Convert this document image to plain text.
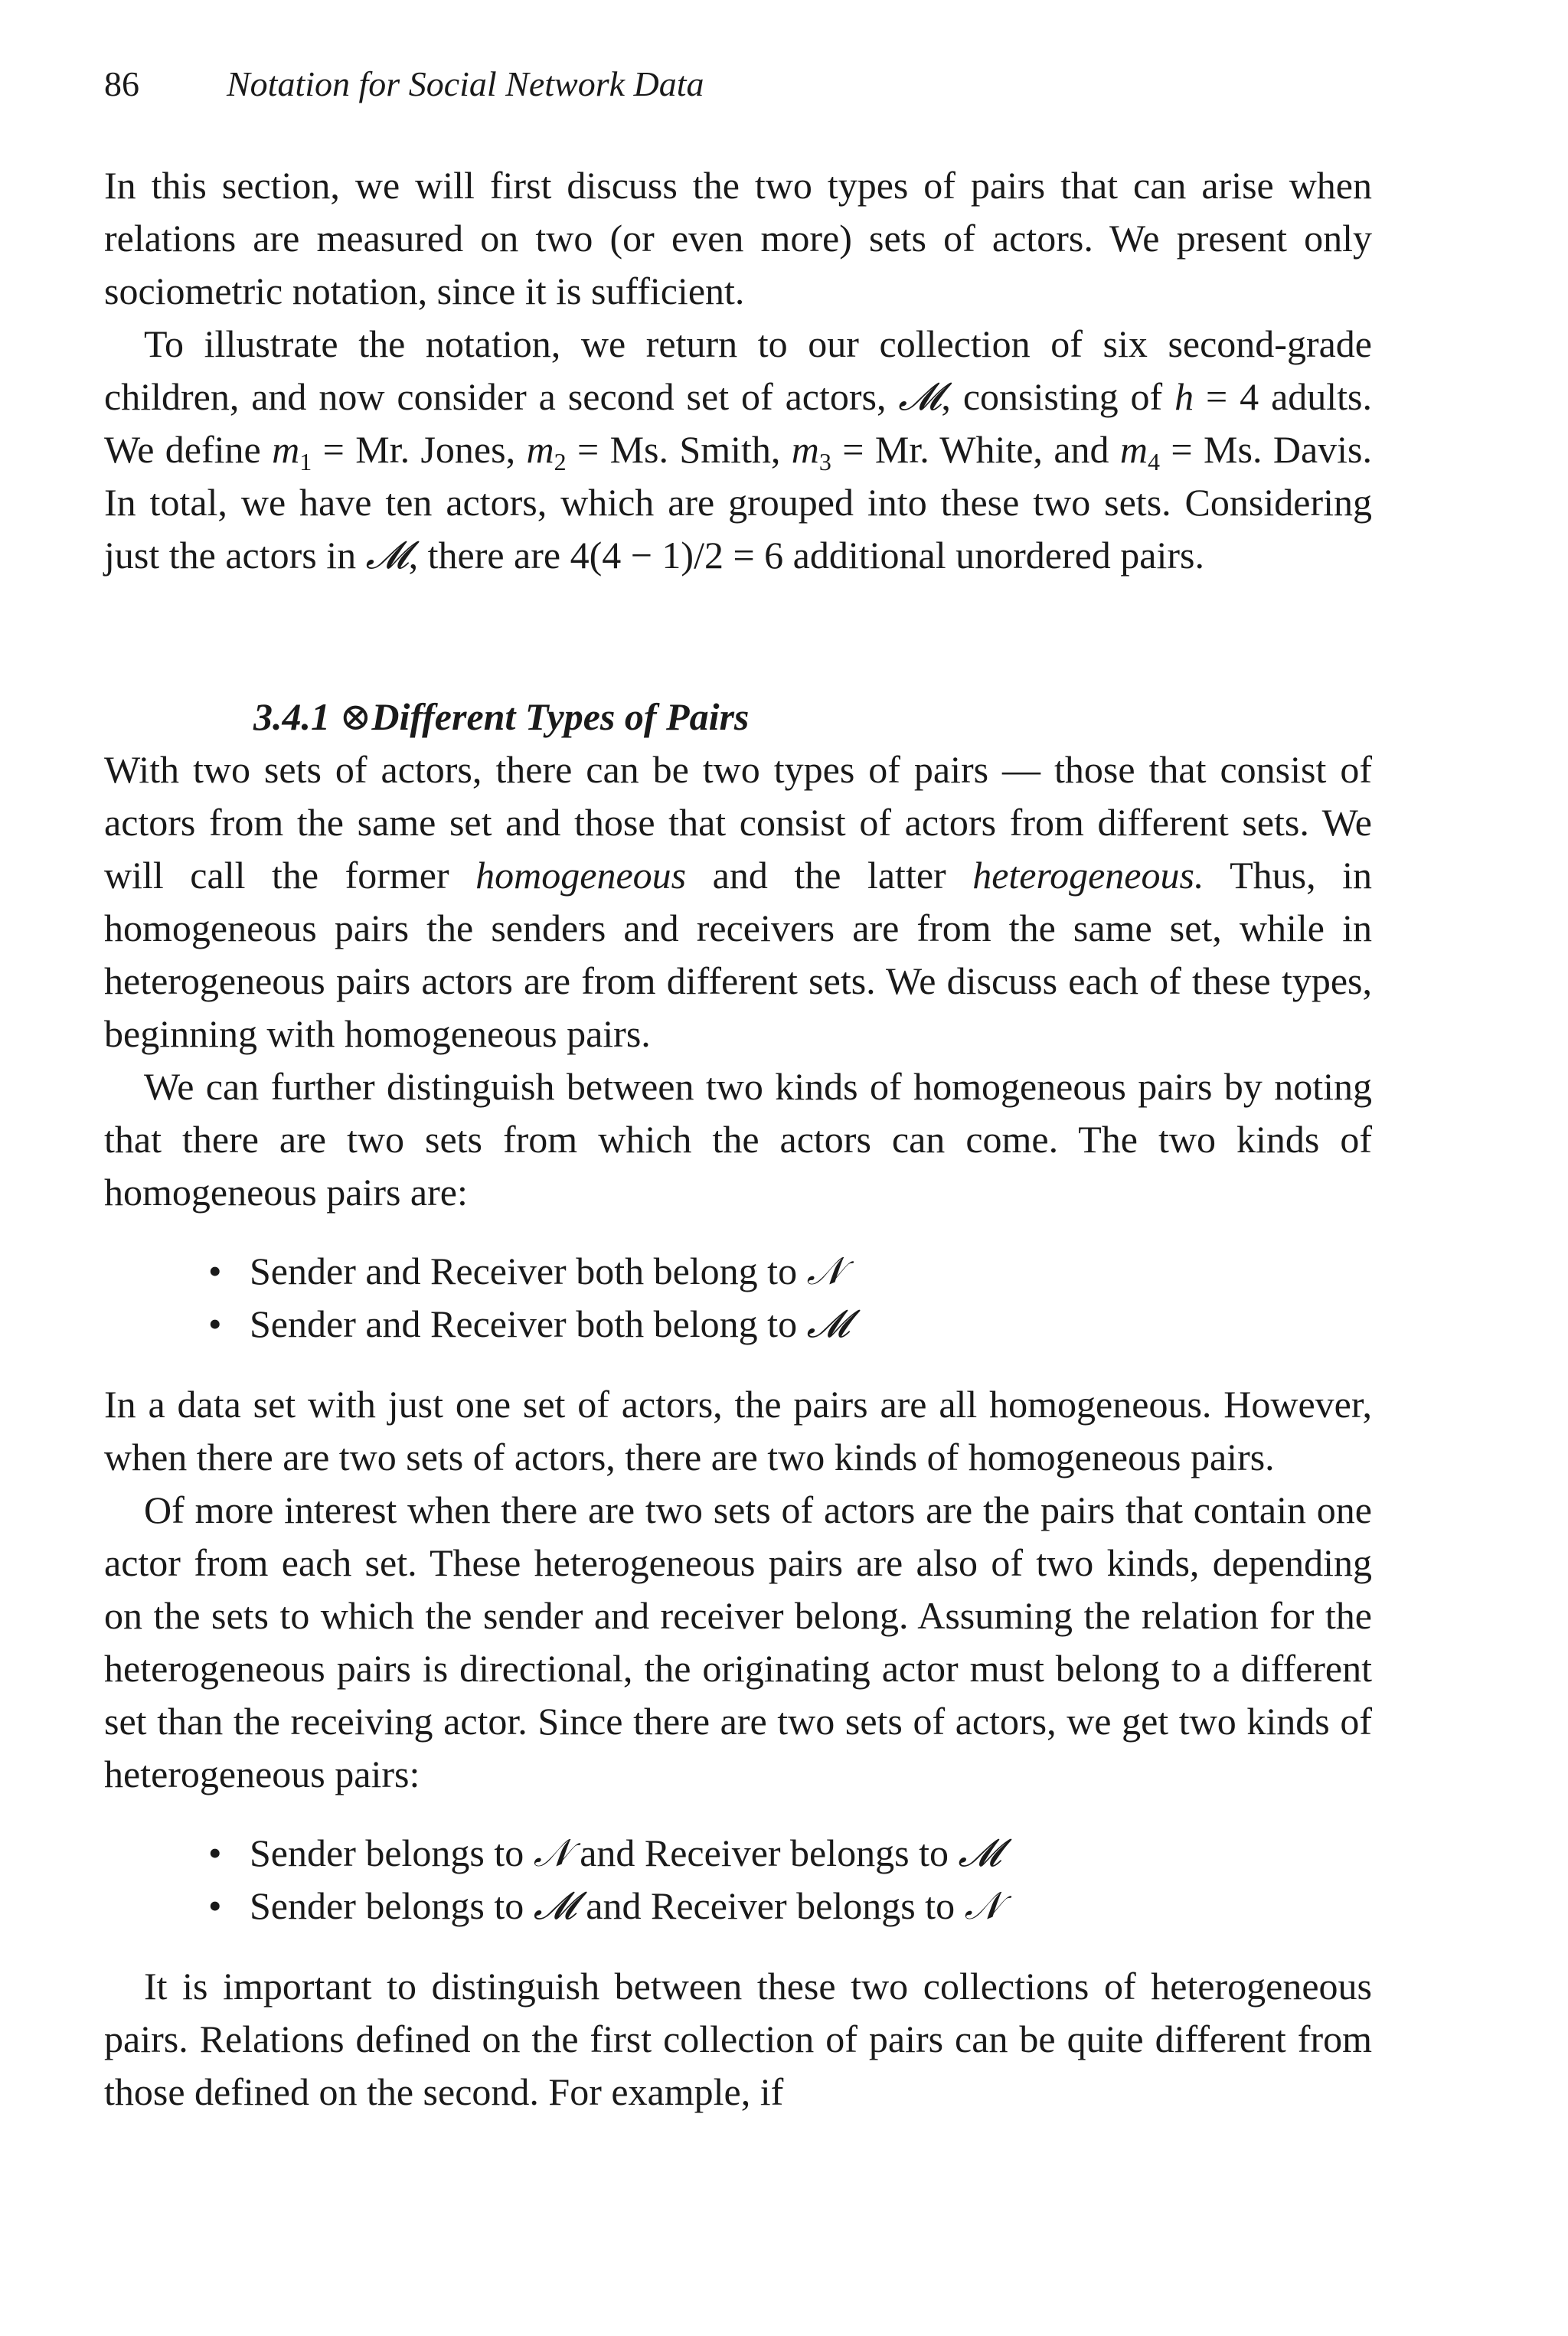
86 Notation for Social Network Data

In this section, we will first discuss the two types of pairs that can arise when relations are measured on two (or even more) sets of actors. We present only sociometric notation, since it is sufficient.

To illustrate the notation, we return to our collection of six second-grade children, and now consider a second set of actors, 𝓜, consisting of h = 4 adults. We define $m_1 = Mr$. Jones, $m_2 = Ms$. Smith, $m_3 = Mr$. White, and $m_4 = Ms$. Davis. In total, we have ten actors, which are grouped into these two sets. Considering just the actors in 𝓜, there are 4(4 − 1)/2 = 6 additional unordered pairs.

3.4.1 ⊗Different Types of Pairs

With two sets of actors, there can be two types of pairs — those that consist of actors from the same set and those that consist of actors from different sets. We will call the former homogeneous and the latter heterogeneous. Thus, in homogeneous pairs the senders and receivers are from the same set, while in heterogeneous pairs actors are from different sets. We discuss each of these types, beginning with homogeneous pairs.

We can further distinguish between two kinds of homogeneous pairs by noting that there are two sets from which the actors can come. The two kinds of homogeneous pairs are:

• Sender and Receiver both belong to 𝒩
• Sender and Receiver both belong to 𝓜

In a data set with just one set of actors, the pairs are all homogeneous. However, when there are two sets of actors, there are two kinds of homogeneous pairs.

Of more interest when there are two sets of actors are the pairs that contain one actor from each set. These heterogeneous pairs are also of two kinds, depending on the sets to which the sender and receiver belong. Assuming the relation for the heterogeneous pairs is directional, the originating actor must belong to a different set than the receiving actor. Since there are two sets of actors, we get two kinds of heterogeneous pairs:

• Sender belongs to 𝒩 and Receiver belongs to 𝓜
• Sender belongs to 𝓜 and Receiver belongs to 𝒩

It is important to distinguish between these two collections of heterogeneous pairs. Relations defined on the first collection of pairs can be quite different from those defined on the second. For example, if
